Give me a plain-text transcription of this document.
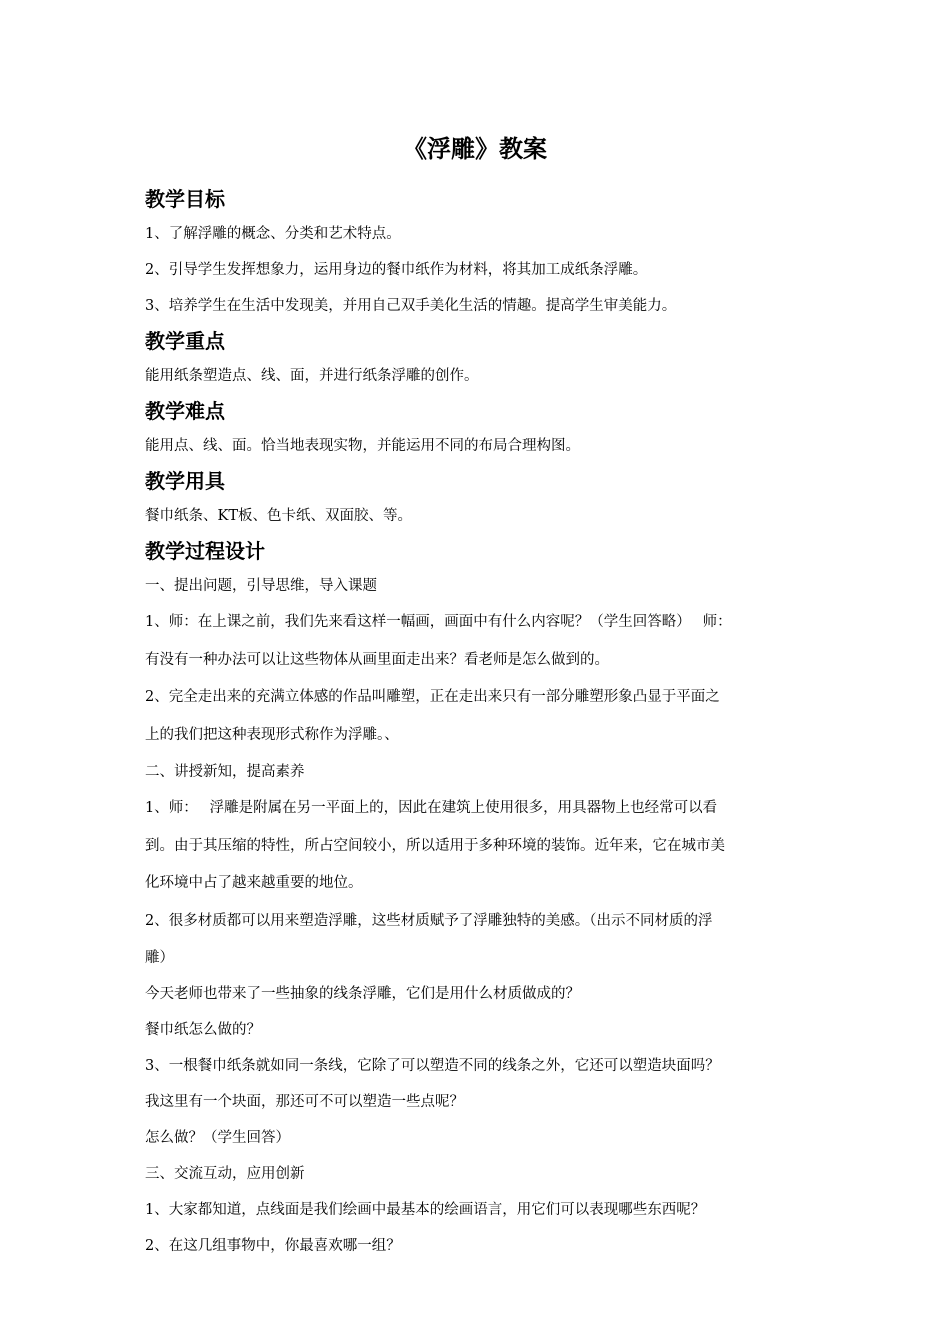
《浮雕》教案
教学目标

1、了解浮雕的概念、分类和艺术特点。

2、引导学生发挥想象力，运用身边的餐巾纸作为材料，将其加工成纸条浮雕。

3、培养学生在生活中发现美，并用自己双手美化生活的情趣。提高学生审美能力。

教学重点

能用纸条塑造点、线、面，并进行纸条浮雕的创作。

教学难点

能用点、线、面。恰当地表现实物，并能运用不同的布局合理构图。

教学用具

餐巾纸条、KT板、色卡纸、双面胶、等。

教学过程设计

一、提出问题，引导思维，导入课题

1、师：在上课之前，我们先来看这样一幅画，画面中有什么内容呢？（学生回答略）　 师：

有没有一种办法可以让这些物体从画里面走出来？看老师是怎么做到的。

2、完全走出来的充满立体感的作品叫雕塑，正在走出来只有一部分雕塑形象凸显于平面之

上的我们把这种表现形式称作为浮雕。、

二、讲授新知，提高素养

1、师：　 浮雕是附属在另一平面上的，因此在建筑上使用很多，用具器物上也经常可以看

到。由于其压缩的特性，所占空间较小，所以适用于多种环境的装饰。近年来，它在城市美

化环境中占了越来越重要的地位。

2、很多材质都可以用来塑造浮雕，这些材质赋予了浮雕独特的美感。（出示不同材质的浮

雕）

今天老师也带来了一些抽象的线条浮雕，它们是用什么材质做成的？

餐巾纸怎么做的？

3、一根餐巾纸条就如同一条线，它除了可以塑造不同的线条之外，它还可以塑造块面吗？

我这里有一个块面，那还可不可以塑造一些点呢？

怎么做？（学生回答）

三、交流互动，应用创新

1、大家都知道，点线面是我们绘画中最基本的绘画语言，用它们可以表现哪些东西呢？

2、在这几组事物中，你最喜欢哪一组？
